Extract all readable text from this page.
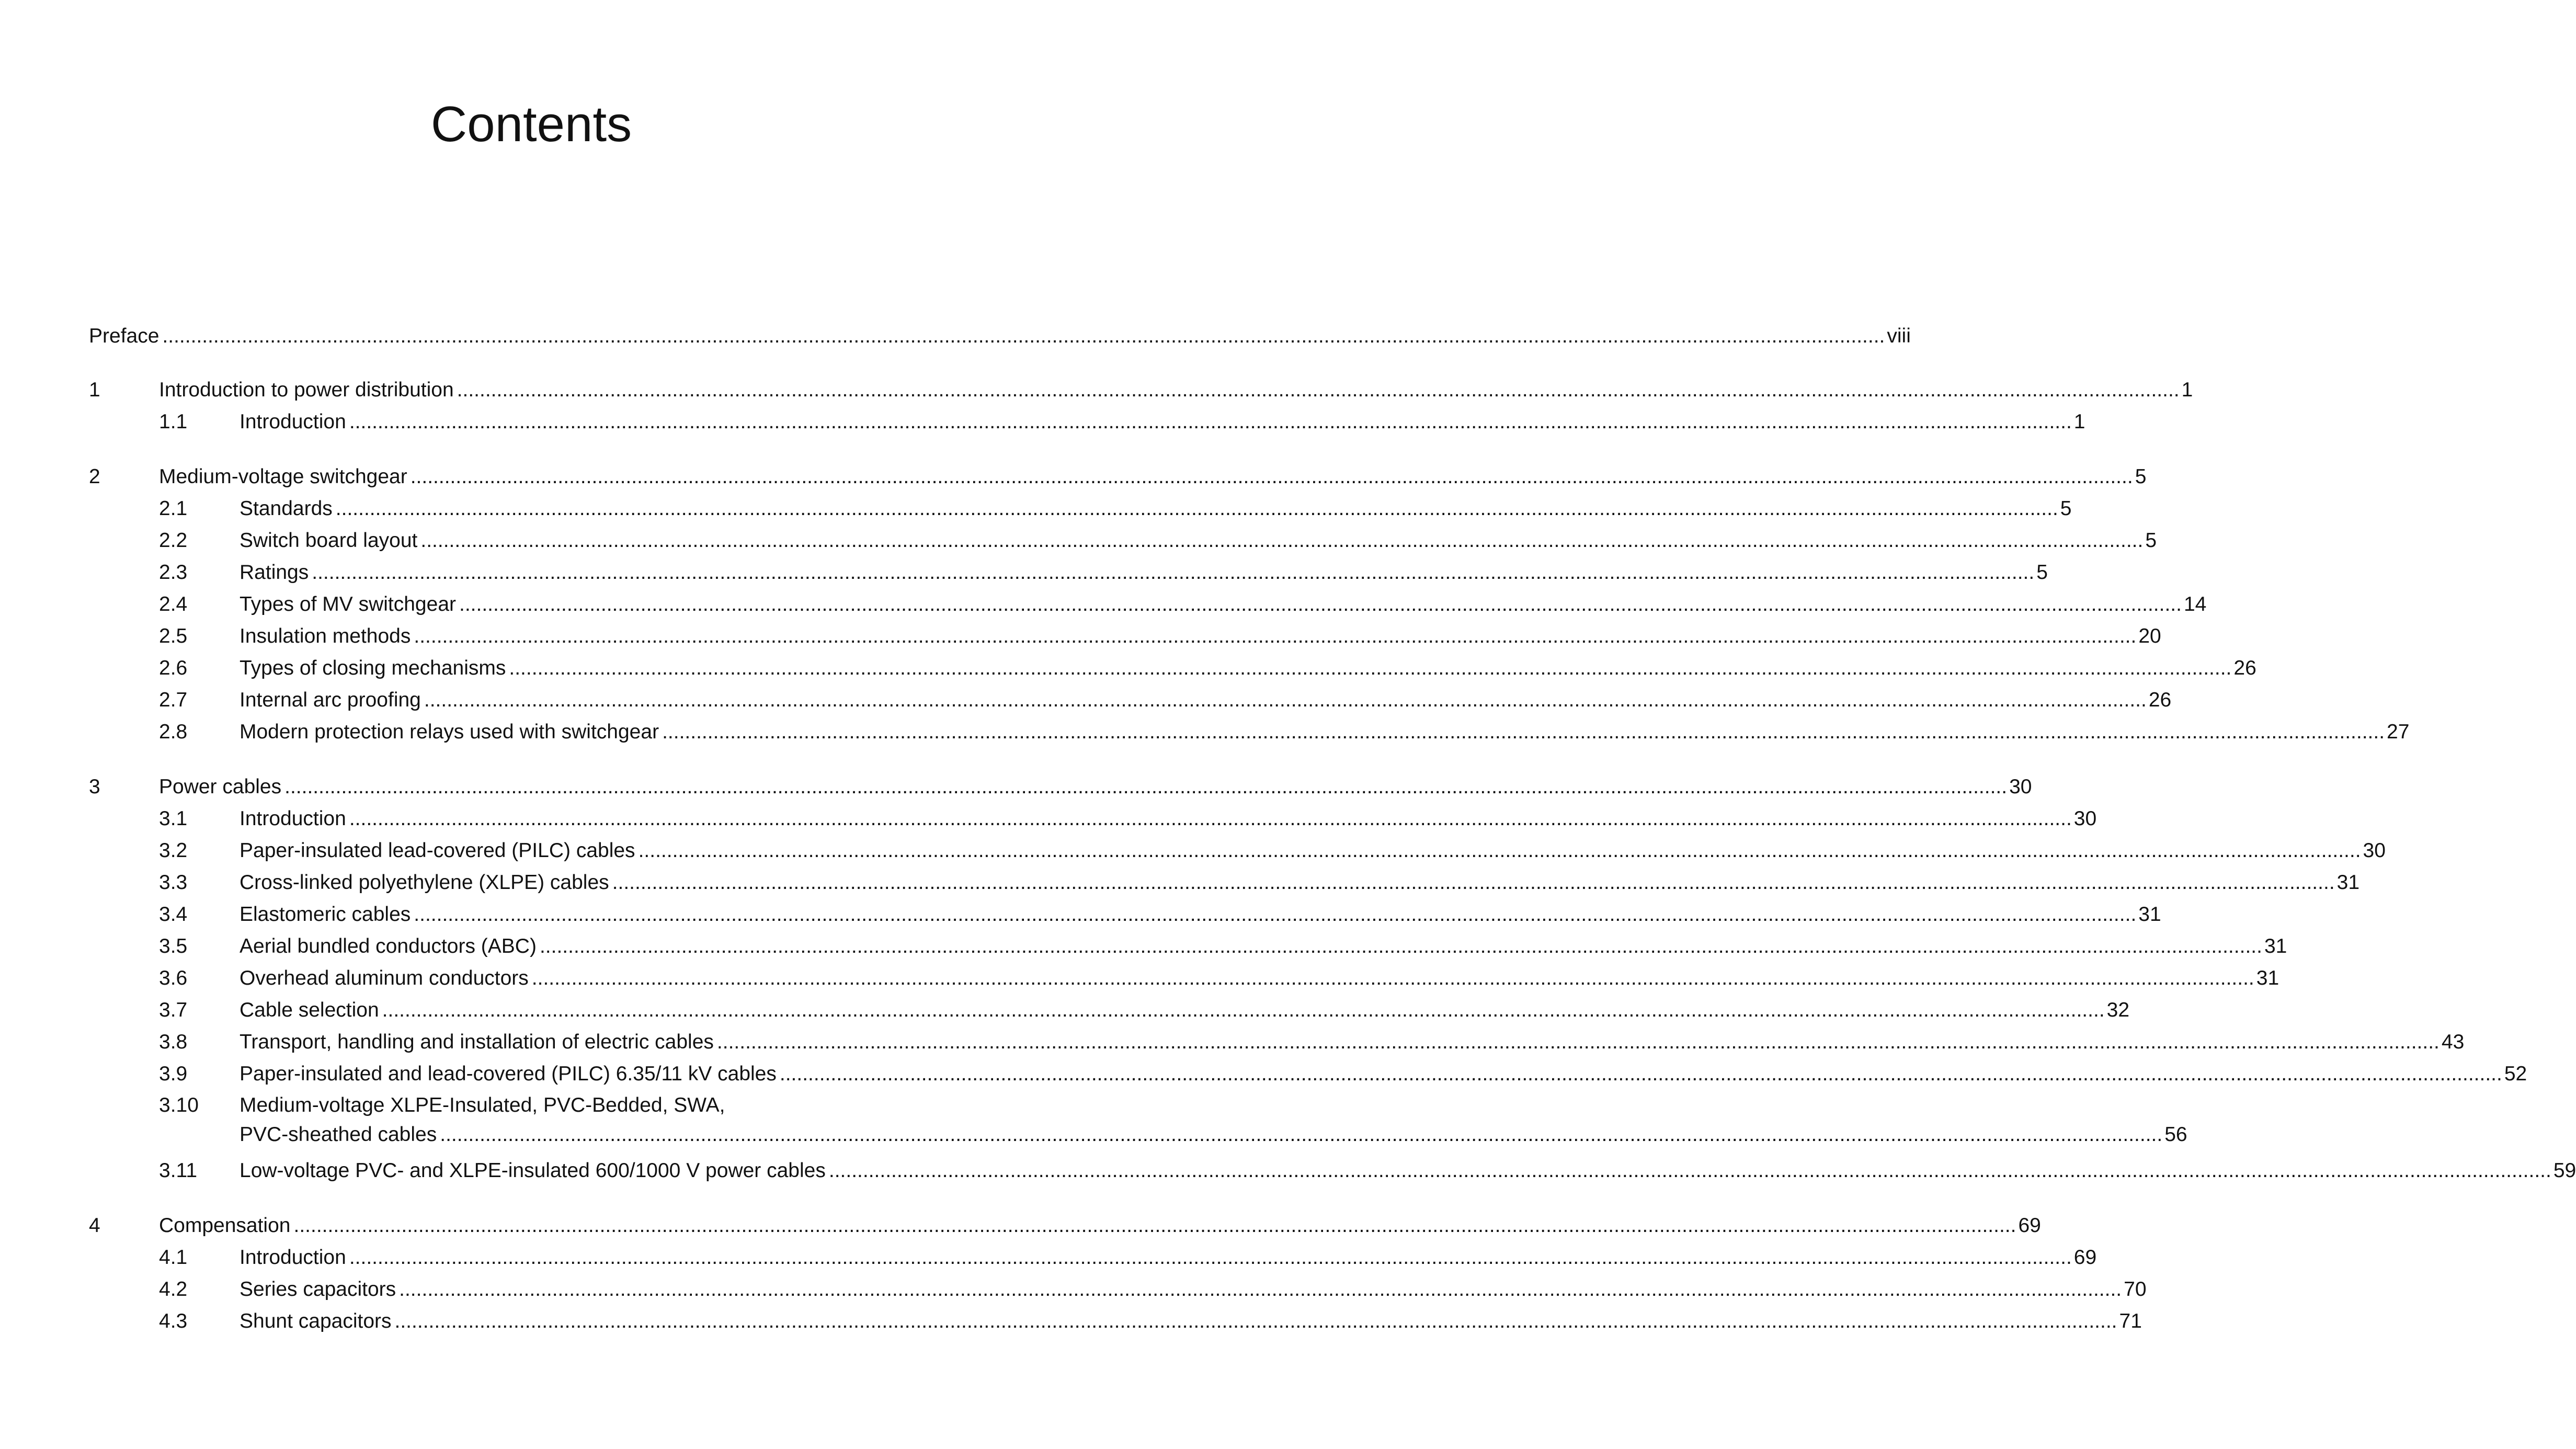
Contents
Preface .....	viii
1	Introduction to power distribution .....	1
1.1	Introduction .....	1
2	Medium-voltage switchgear .....	5
2.1	Standards .....	5
2.2	Switch board layout .....	5
2.3	Ratings .....	5
2.4	Types of MV switchgear .....	14
2.5	Insulation methods .....	20
2.6	Types of closing mechanisms .....	26
2.7	Internal arc proofing .....	26
2.8	Modern protection relays used with switchgear .....	27
3	Power cables .....	30
3.1	Introduction .....	30
3.2	Paper-insulated lead-covered (PILC) cables .....	30
3.3	Cross-linked polyethylene (XLPE) cables .....	31
3.4	Elastomeric cables .....	31
3.5	Aerial bundled conductors (ABC) .....	31
3.6	Overhead aluminum conductors .....	31
3.7	Cable selection .....	32
3.8	Transport, handling and installation of electric cables .....	43
3.9	Paper-insulated and lead-covered (PILC) 6.35/11 kV cables .....	52
3.10	Medium-voltage XLPE-Insulated, PVC-Bedded, SWA,
PVC-sheathed cables .....	56
3.11	Low-voltage PVC- and XLPE-insulated 600/1000 V power cables .....	59
4	Compensation .....	69
4.1	Introduction .....	69
4.2	Series capacitors .....	70
4.3	Shunt capacitors .....	71
